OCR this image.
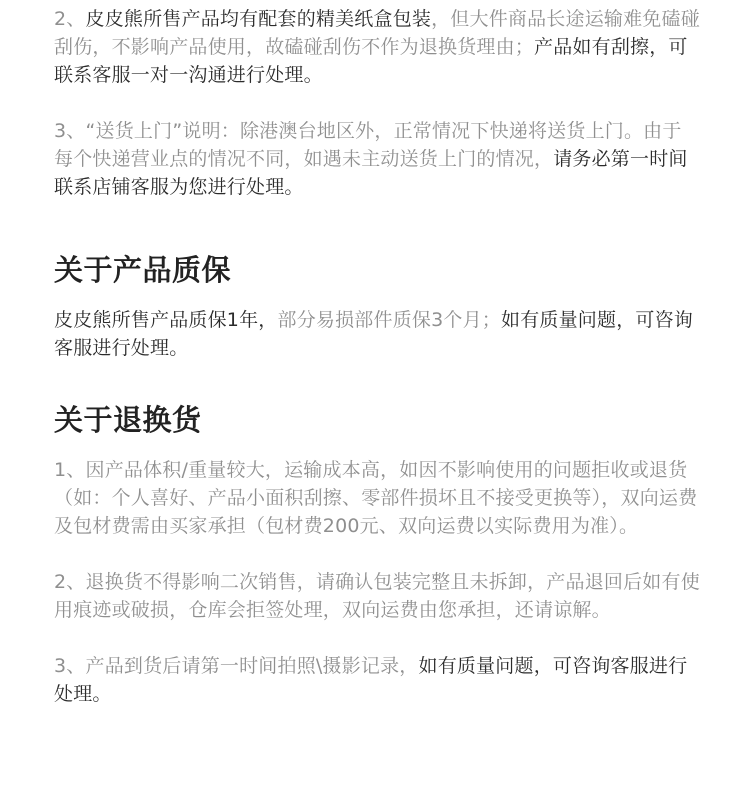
2、皮皮熊所售产品均有配套的精美纸盒包装，但大件商品长途运输难免磕碰刮伤，不影响产品使用，故磕碰刮伤不作为退换货理由；产品如有刮擦，可联系客服一对一沟通进行处理。

3、“送货上门”说明：除港澳台地区外，正常情况下快递将送货上门。由于每个快递营业点的情况不同，如遇未主动送货上门的情况，请务必第一时间联系店铺客服为您进行处理。

关于产品质保

皮皮熊所售产品质保1年，部分易损部件质保3个月；如有质量问题，可咨询客服进行处理。

关于退换货

1、因产品体积/重量较大，运输成本高，如因不影响使用的问题拒收或退货（如：个人喜好、产品小面积刮擦、零部件损坏且不接受更换等），双向运费及包材费需由买家承担（包材费200元、双向运费以实际费用为准）。

2、退换货不得影响二次销售，请确认包装完整且未拆卸，产品退回后如有使用痕迹或破损，仓库会拒签处理，双向运费由您承担，还请谅解。

3、产品到货后请第一时间拍照\摄影记录，如有质量问题，可咨询客服进行处理。
